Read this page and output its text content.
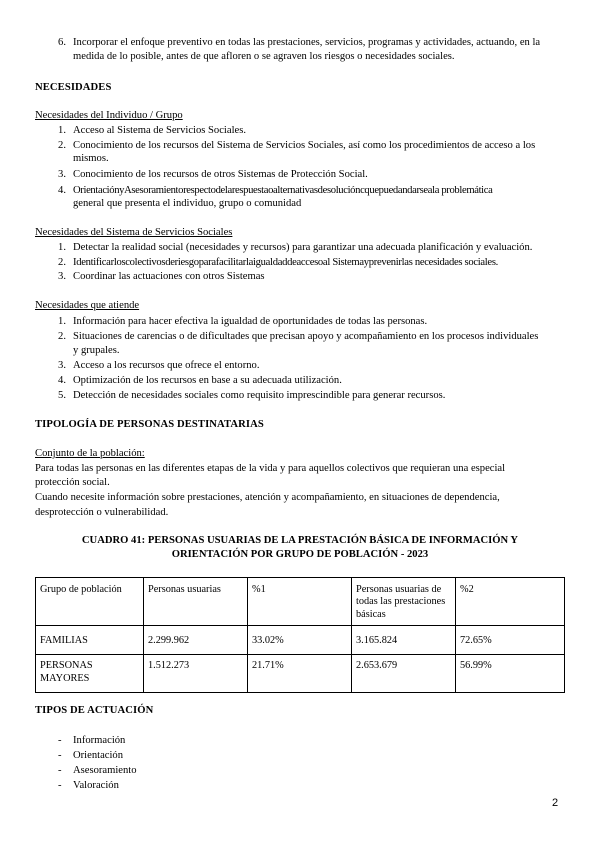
6. Incorporar el enfoque preventivo en todas las prestaciones, servicios, programas y actividades, actuando, en la
medida de lo posible, antes de que afloren o se agraven los riesgos o necesidades sociales.
NECESIDADES
Necesidades del Individuo / Grupo
1. Acceso al Sistema de Servicios Sociales.
2. Conocimiento de los recursos del Sistema de Servicios Sociales, así como los procedimientos de acceso a los
mismos.
3. Conocimiento de los recursos de otros Sistemas de Protección Social.
4. OrientaciónyAsesoramientorespectodelarespuestaoalternativasdesolucióncquepuedandarseala problemática
general que presenta el individuo, grupo o comunidad
Necesidades del Sistema de Servicios Sociales
1. Detectar la realidad social (necesidades y recursos) para garantizar una adecuada planificación y evaluación.
2. Identificarloscolectivosderiesgoparafacilitarlaigualdaddeaccesoal Sistemayprevenirlas necesidades sociales.
3. Coordinar las actuaciones con otros Sistemas
Necesidades que atiende
1. Información para hacer efectiva la igualdad de oportunidades de todas las personas.
2. Situaciones de carencias o de dificultades que precisan apoyo y acompañamiento en los procesos individuales
y grupales.
3. Acceso a los recursos que ofrece el entorno.
4. Optimización de los recursos en base a su adecuada utilización.
5. Detección de necesidades sociales como requisito imprescindible para generar recursos.
TIPOLOGÍA DE PERSONAS DESTINATARIAS
Conjunto de la población:
Para todas las personas en las diferentes etapas de la vida y para aquellos colectivos que requieran una especial
protección social.
Cuando necesite información sobre prestaciones, atención y acompañamiento, en situaciones de dependencia,
desprotección o vulnerabilidad.
CUADRO 41: PERSONAS USUARIAS DE LA PRESTACIÓN BÁSICA DE INFORMACIÓN Y
ORIENTACIÓN POR GRUPO DE POBLACIÓN - 2023
Grupo de población	Personas usuarias	%1	Personas usuarias de todas las prestaciones básicas	%2
FAMILIAS	2.299.962	33.02%	3.165.824	72.65%
PERSONAS MAYORES	1.512.273	21.71%	2.653.679	56.99%
TIPOS DE ACTUACIÓN
- Información
- Orientación
- Asesoramiento
- Valoración
2
